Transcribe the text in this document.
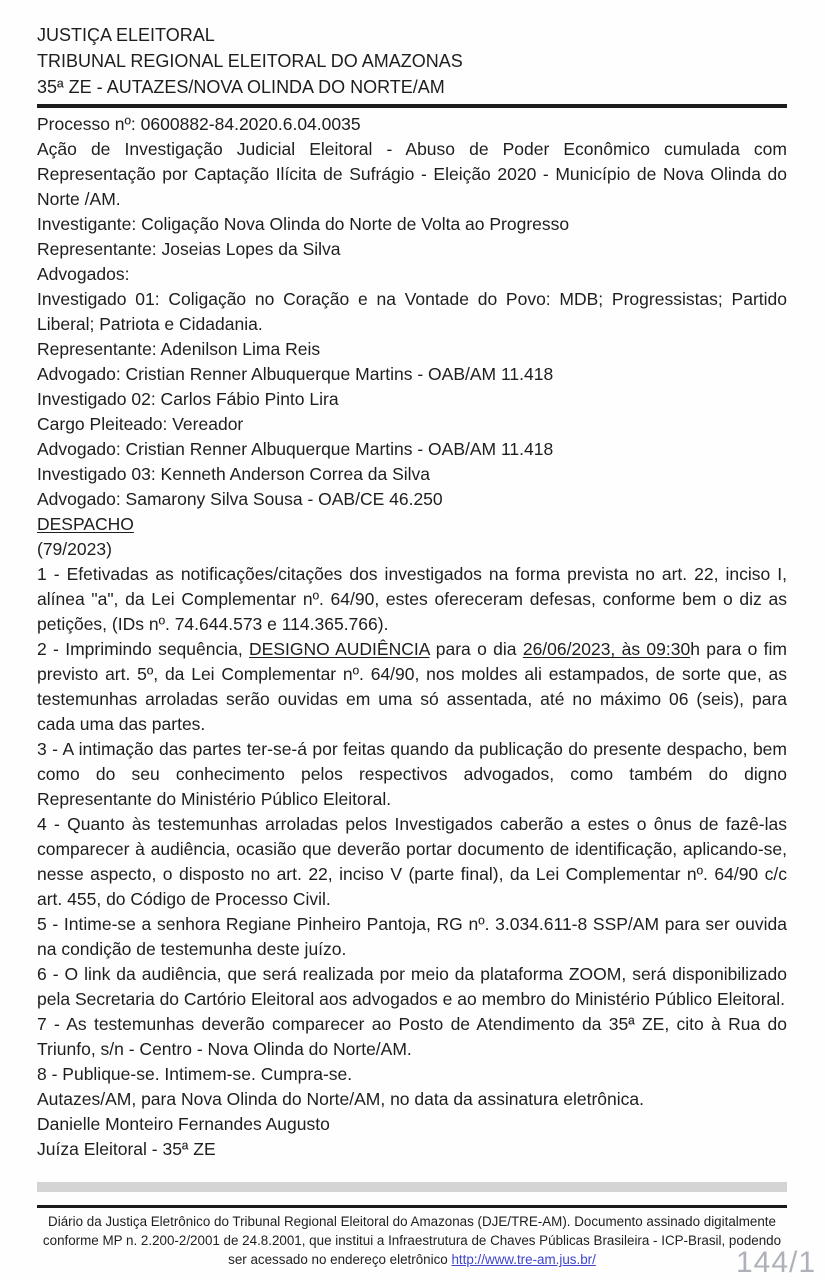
JUSTIÇA ELEITORAL

TRIBUNAL REGIONAL ELEITORAL DO AMAZONAS

35ª ZE - AUTAZES/NOVA OLINDA DO NORTE/AM

Processo nº: 0600882-84.2020.6.04.0035

Ação de Investigação Judicial Eleitoral - Abuso de Poder Econômico cumulada com Representação por Captação Ilícita de Sufrágio - Eleição 2020 - Município de Nova Olinda do Norte /AM.

Investigante: Coligação Nova Olinda do Norte de Volta ao Progresso

Representante: Joseias Lopes da Silva

Advogados:

Investigado 01: Coligação no Coração e na Vontade do Povo: MDB; Progressistas; Partido Liberal; Patriota e Cidadania.

Representante: Adenilson Lima Reis

Advogado: Cristian Renner Albuquerque Martins - OAB/AM 11.418

Investigado 02: Carlos Fábio Pinto Lira

Cargo Pleiteado: Vereador

Advogado: Cristian Renner Albuquerque Martins - OAB/AM 11.418

Investigado 03: Kenneth Anderson Correa da Silva

Advogado: Samarony Silva Sousa - OAB/CE 46.250

DESPACHO

(79/2023)

1 - Efetivadas as notificações/citações dos investigados na forma prevista no art. 22, inciso I, alínea "a", da Lei Complementar nº. 64/90, estes ofereceram defesas, conforme bem o diz as petições, (IDs nº. 74.644.573 e 114.365.766).

2 - Imprimindo sequência, DESIGNO AUDIÊNCIA para o dia 26/06/2023, às 09:30h para o fim previsto art. 5º, da Lei Complementar nº. 64/90, nos moldes ali estampados, de sorte que, as testemunhas arroladas serão ouvidas em uma só assentada, até no máximo 06 (seis), para cada uma das partes.

3 - A intimação das partes ter-se-á por feitas quando da publicação do presente despacho, bem como do seu conhecimento pelos respectivos advogados, como também do digno Representante do Ministério Público Eleitoral.

4 - Quanto às testemunhas arroladas pelos Investigados caberão a estes o ônus de fazê-las comparecer à audiência, ocasião que deverão portar documento de identificação, aplicando-se, nesse aspecto, o disposto no art. 22, inciso V (parte final), da Lei Complementar nº. 64/90 c/c art. 455, do Código de Processo Civil.

5 - Intime-se a senhora Regiane Pinheiro Pantoja, RG nº. 3.034.611-8 SSP/AM para ser ouvida na condição de testemunha deste juízo.

6 - O link da audiência, que será realizada por meio da plataforma ZOOM, será disponibilizado pela Secretaria do Cartório Eleitoral aos advogados e ao membro do Ministério Público Eleitoral.

7 - As testemunhas deverão comparecer ao Posto de Atendimento da 35ª ZE, cito à Rua do Triunfo, s/n - Centro - Nova Olinda do Norte/AM.

8 - Publique-se. Intimem-se. Cumpra-se.

Autazes/AM, para Nova Olinda do Norte/AM, no data da assinatura eletrônica.

Danielle Monteiro Fernandes Augusto

Juíza Eleitoral - 35ª ZE

Diário da Justiça Eletrônico do Tribunal Regional Eleitoral do Amazonas (DJE/TRE-AM). Documento assinado digitalmente conforme MP n. 2.200-2/2001 de 24.8.2001, que institui a Infraestrutura de Chaves Públicas Brasileira - ICP-Brasil, podendo ser acessado no endereço eletrônico http://www.tre-am.jus.br/	144/1
